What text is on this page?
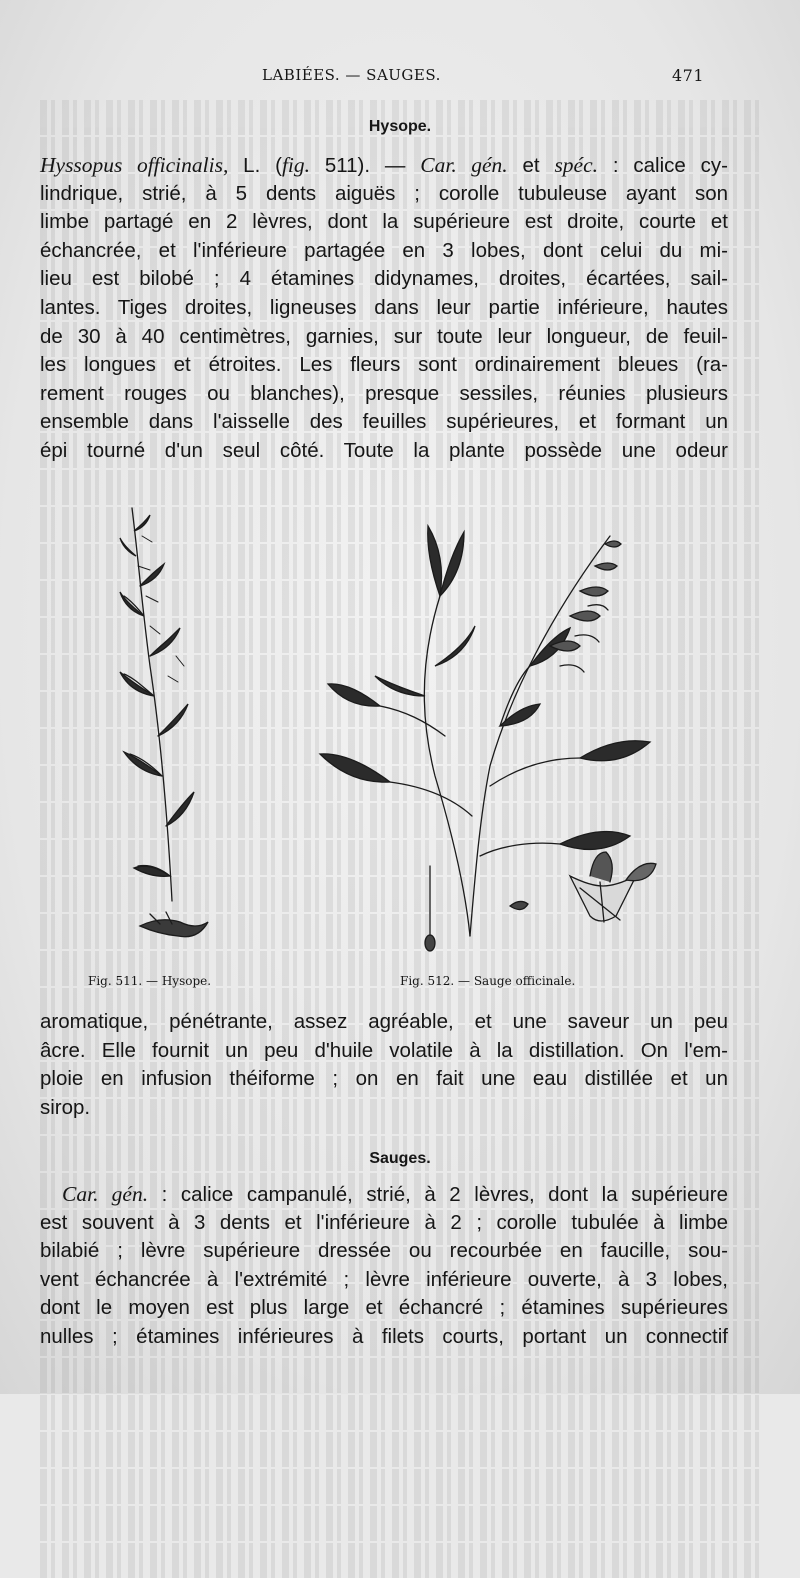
LABIÉES. — SAUGES.	471
Hysope.
Hyssopus officinalis, L. (fig. 511). — Car. gén. et spéc. : calice cy-
lindrique, strié, à 5 dents aiguës ; corolle tubuleuse ayant son
limbe partagé en 2 lèvres, dont la supérieure est droite, courte et
échancrée, et l'inférieure partagée en 3 lobes, dont celui du mi-
lieu est bilobé ; 4 étamines didynames, droites, écartées, sail-
lantes. Tiges droites, ligneuses dans leur partie inférieure, hautes
de 30 à 40 centimètres, garnies, sur toute leur longueur, de feuil-
les longues et étroites. Les fleurs sont ordinairement bleues (ra-
rement rouges ou blanches), presque sessiles, réunies plusieurs
ensemble dans l'aisselle des feuilles supérieures, et formant un
épi tourné d'un seul côté. Toute la plante possède une odeur
Fig. 511. — Hysope.	Fig. 512. — Sauge officinale.
aromatique, pénétrante, assez agréable, et une saveur un peu
âcre. Elle fournit un peu d'huile volatile à la distillation. On l'em-
ploie en infusion théiforme ; on en fait une eau distillée et un
sirop.
Sauges.
Car. gén. : calice campanulé, strié, à 2 lèvres, dont la supérieure
est souvent à 3 dents et l'inférieure à 2 ; corolle tubulée à limbe
bilabié ; lèvre supérieure dressée ou recourbée en faucille, sou-
vent échancrée à l'extrémité ; lèvre inférieure ouverte, à 3 lobes,
dont le moyen est plus large et échancré ; étamines supérieures
nulles ; étamines inférieures à filets courts, portant un connectif
